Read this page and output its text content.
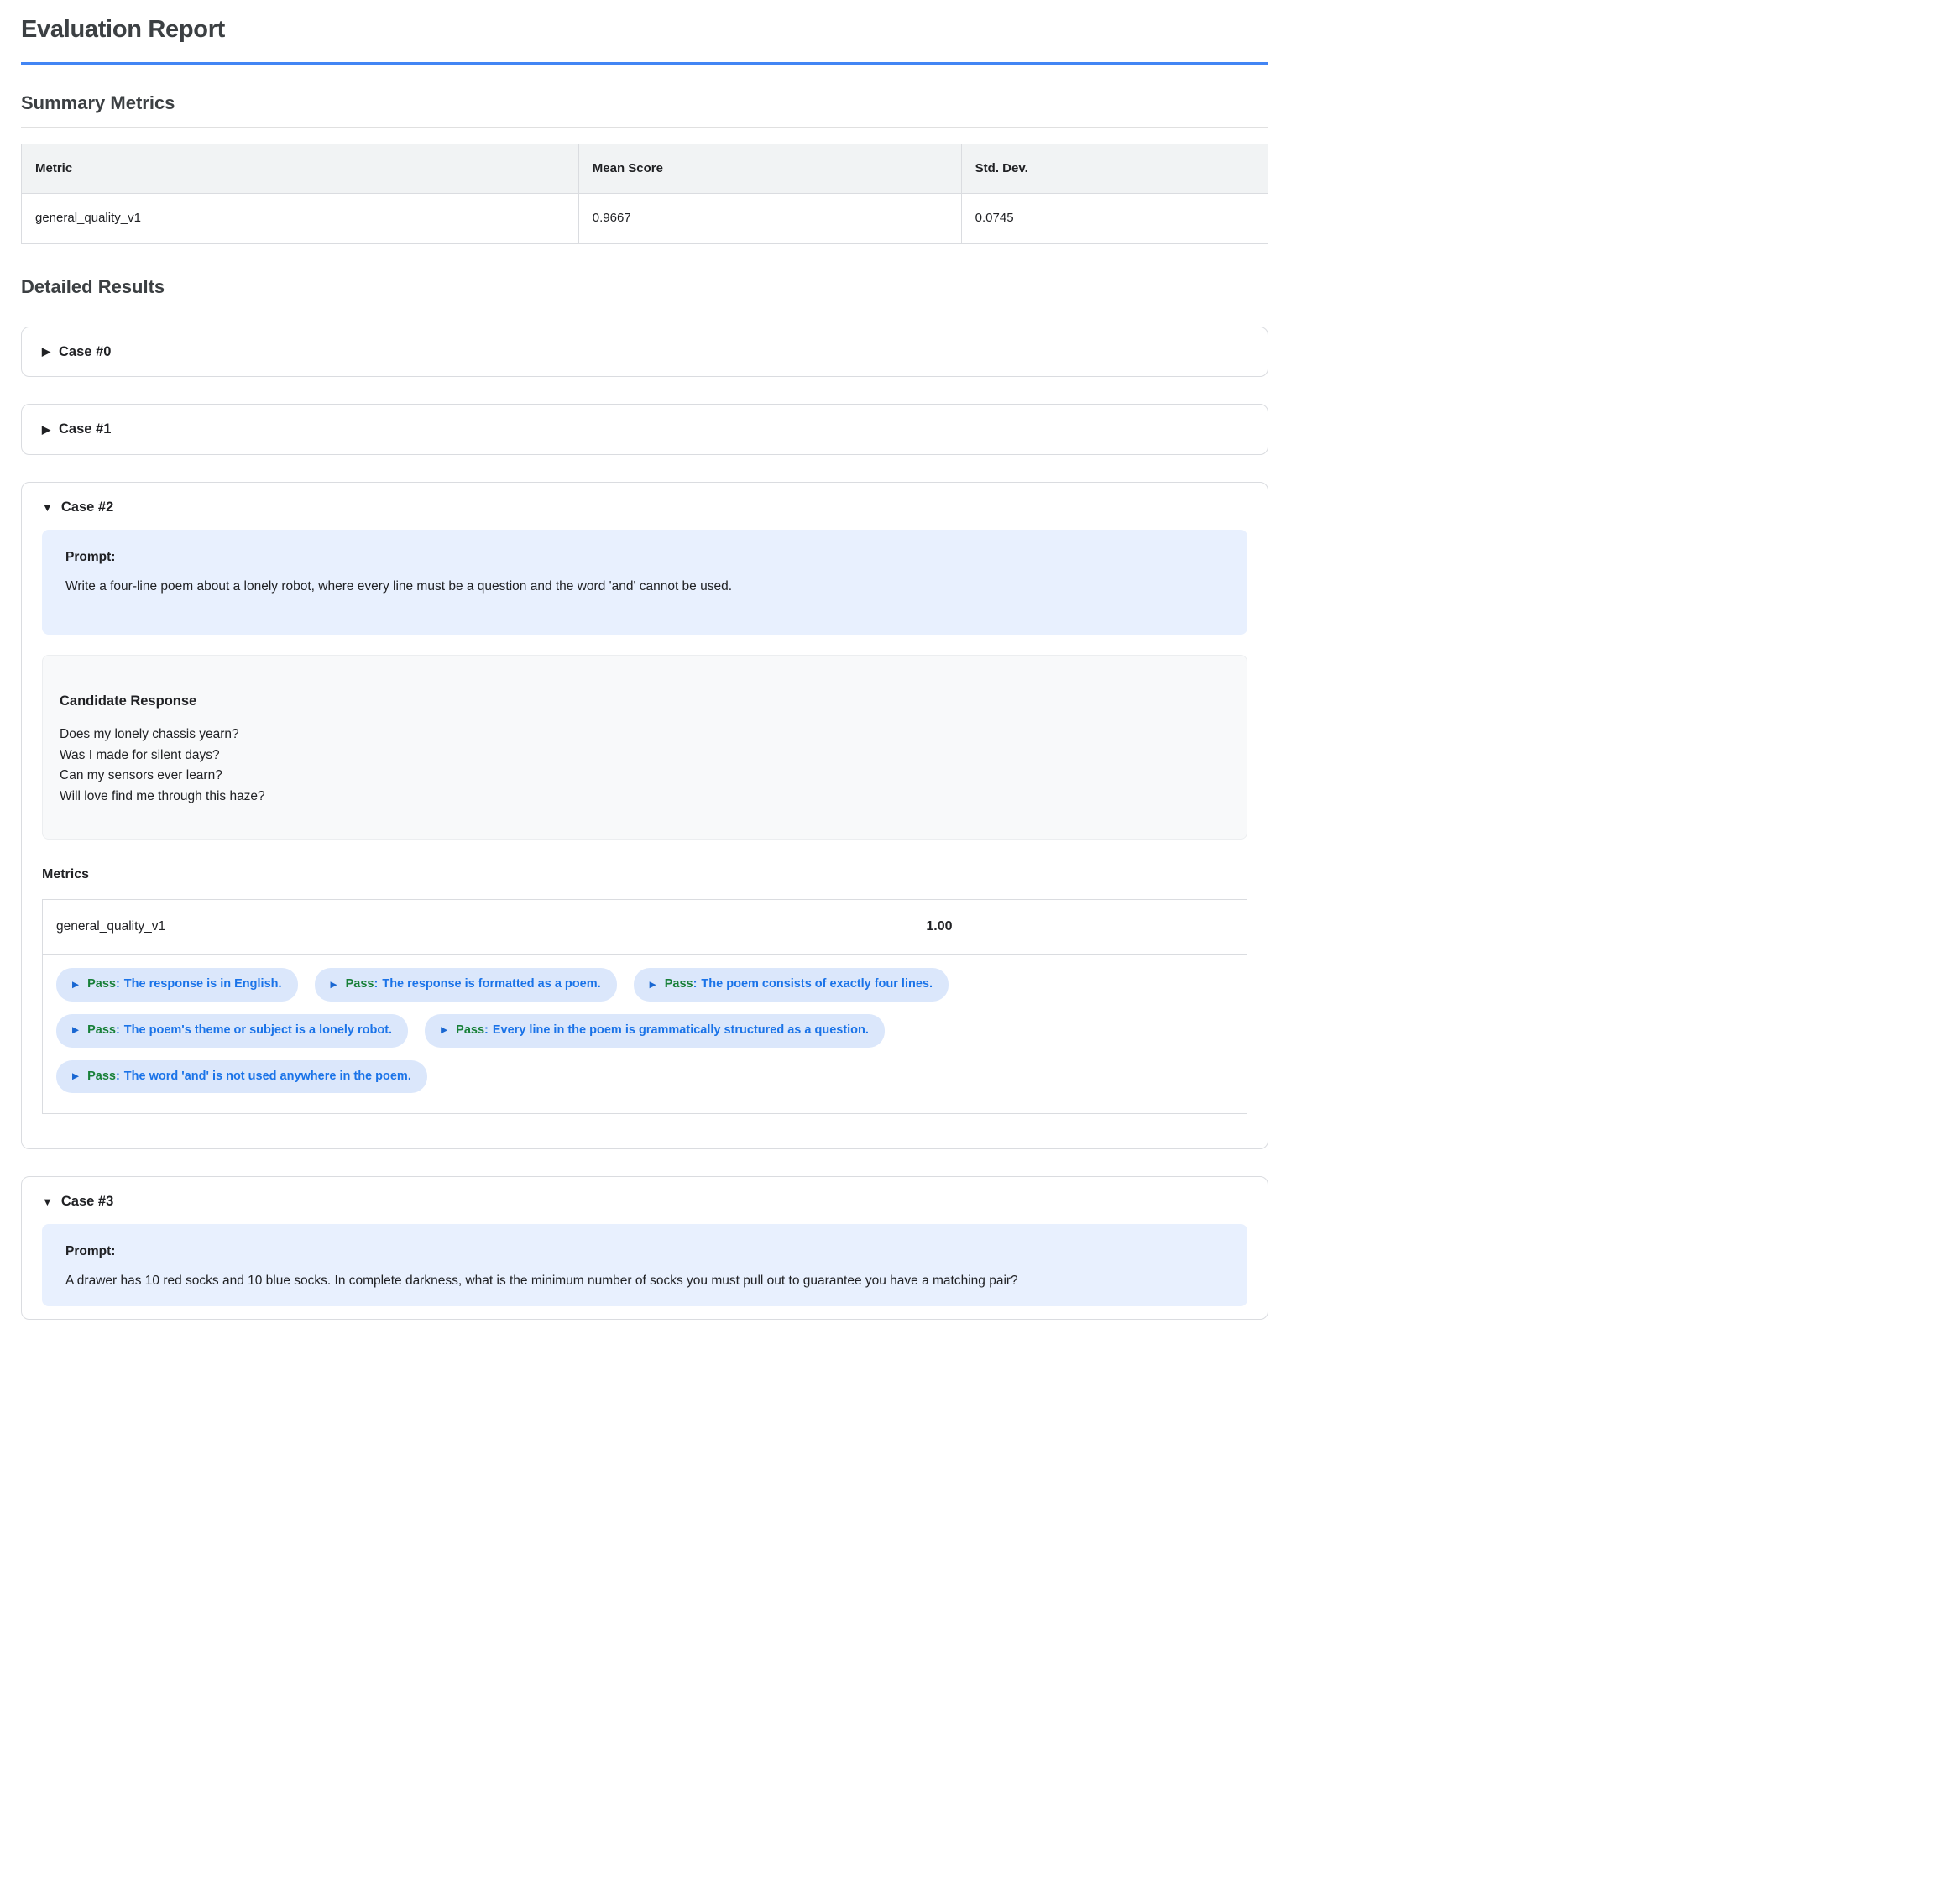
Evaluation Report
Summary Metrics
Metric	Mean Score	Std. Dev.
general_quality_v1	0.9667	0.0745
Detailed Results
▶ Case #0
▶ Case #1
▼ Case #2
Prompt:
Write a four-line poem about a lonely robot, where every line must be a question and the word 'and' cannot be used.
Candidate Response
Does my lonely chassis yearn?
Was I made for silent days?
Can my sensors ever learn?
Will love find me through this haze?
Metrics
general_quality_v1	1.00
▶ Pass : The response is in English.	▶ Pass : The response is formatted as a poem.	▶ Pass : The poem consists of exactly four lines.
▶ Pass : The poem's theme or subject is a lonely robot.	▶ Pass : Every line in the poem is grammatically structured as a question.
▶ Pass : The word 'and' is not used anywhere in the poem.
▼ Case #3
Prompt:
A drawer has 10 red socks and 10 blue socks. In complete darkness, what is the minimum number of socks you must pull out to guarantee you have a matching pair?
